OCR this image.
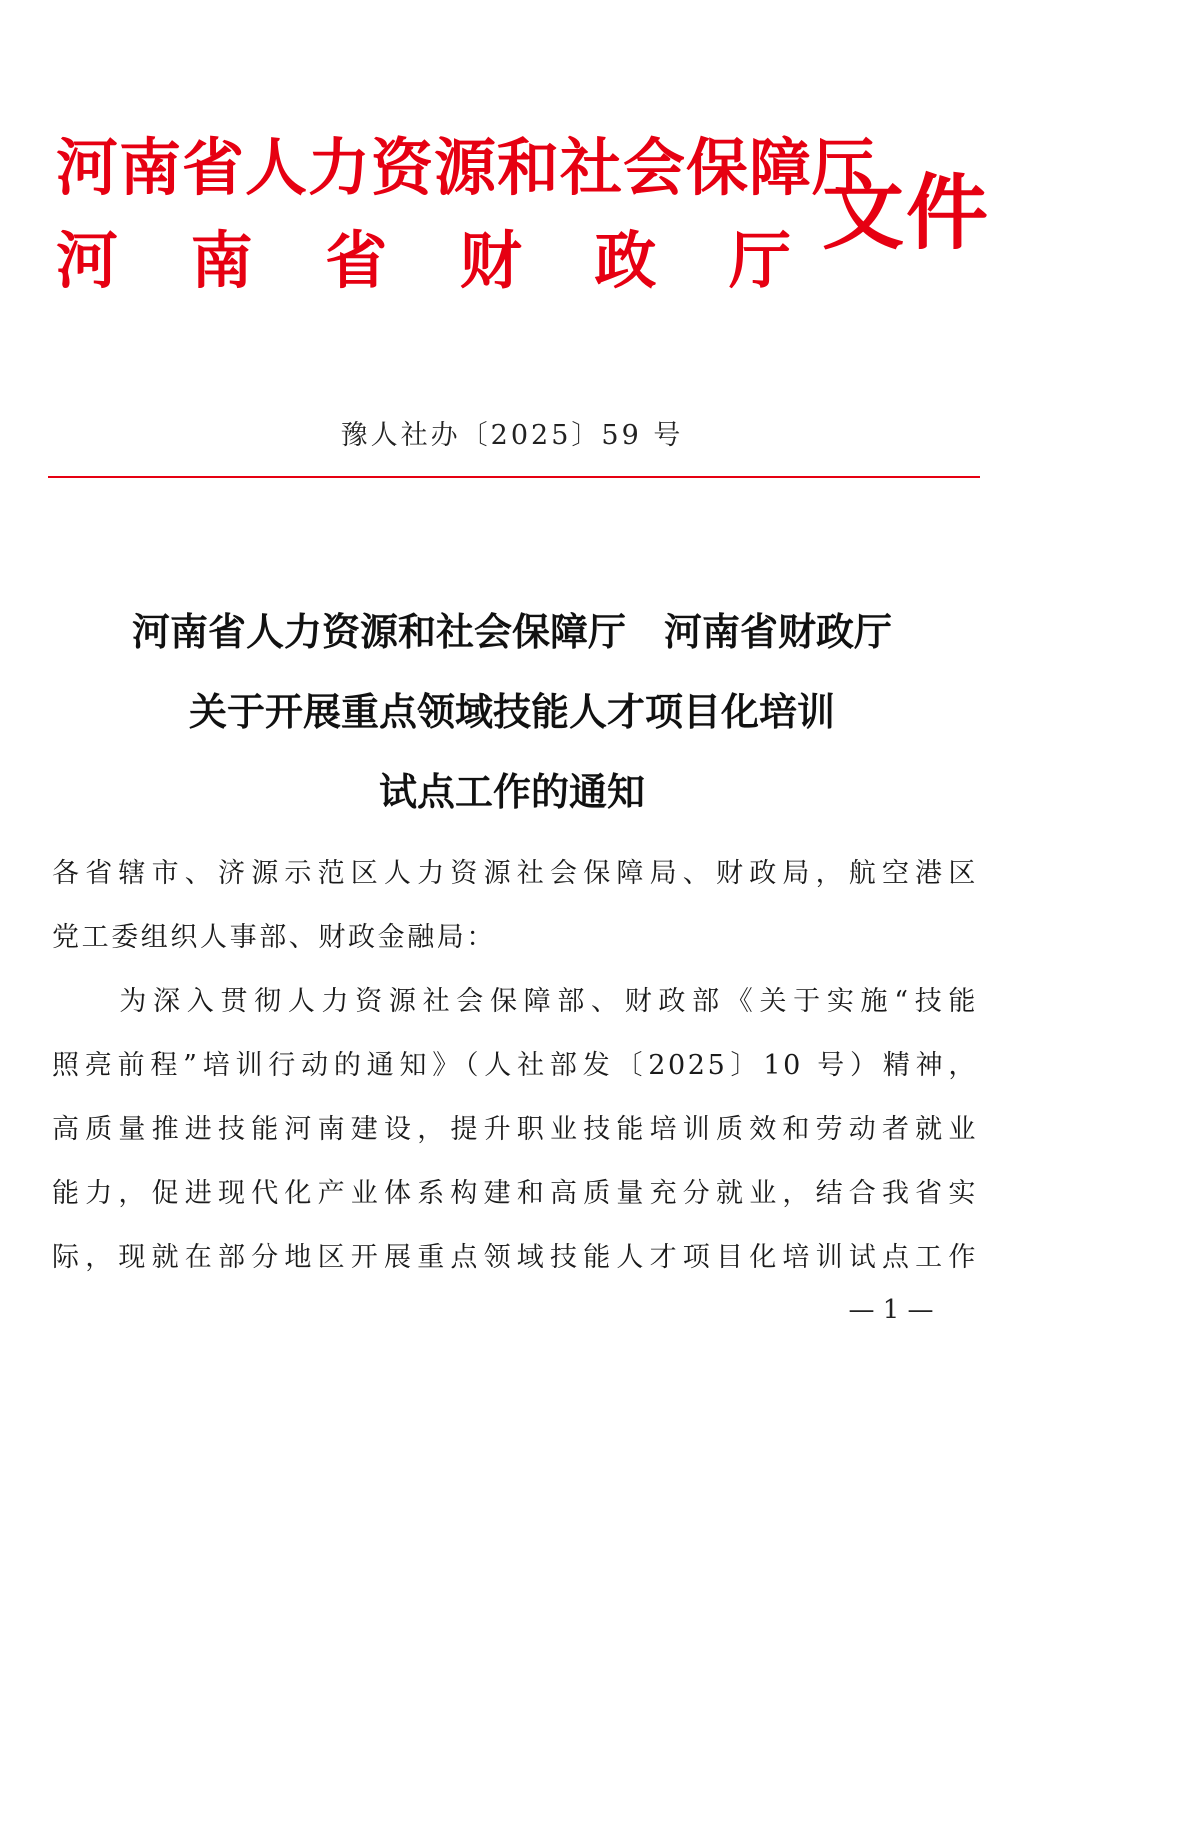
河南省人力资源和社会保障厅
河 南 省 财 政 厅 文件
豫人社办〔2025〕59 号
河南省人力资源和社会保障厅　河南省财政厅
关于开展重点领域技能人才项目化培训
试点工作的通知
各省辖市、济源示范区人力资源社会保障局、财政局，航空港区
党工委组织人事部、财政金融局：
　　为深入贯彻人力资源社会保障部、财政部《关于实施“技能
照亮前程”培训行动的通知》（人社部发〔2025〕10 号）精神，
高质量推进技能河南建设，提升职业技能培训质效和劳动者就业
能力，促进现代化产业体系构建和高质量充分就业，结合我省实
际，现就在部分地区开展重点领域技能人才项目化培训试点工作
— 1 —
